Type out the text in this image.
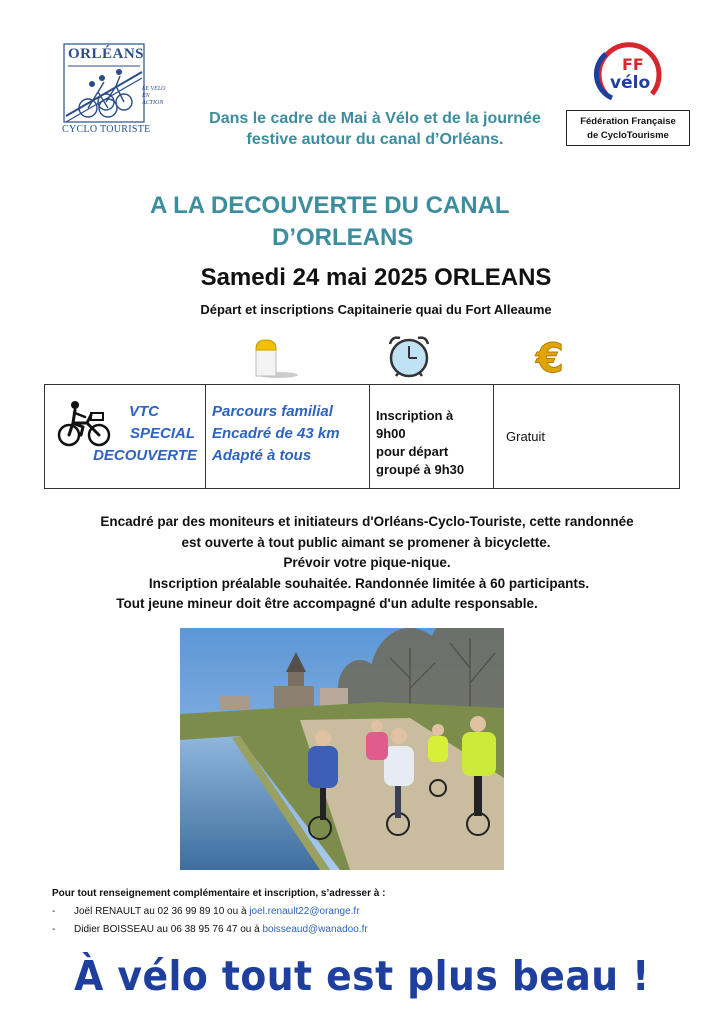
ORLÉANS
LE VELO EN ACTION
CYCLO TOURISTE
FF
vélo
Fédération Française
de CycloTourisme
Dans le cadre de Mai à Vélo et de la journée
festive autour du canal d’Orléans.
A LA DECOUVERTE DU CANAL
D’ORLEANS
Samedi 24 mai 2025 ORLEANS
Départ et inscriptions Capitainerie quai du Fort Alleaume
€
VTC
SPECIAL
DECOUVERTE
Parcours familial
Encadré de 43 km
Adapté à tous
Inscription à
9h00
pour départ
groupé à 9h30
Gratuit
Encadré par des moniteurs et initiateurs d'Orléans-Cyclo-Touriste, cette randonnée
est ouverte à tout public aimant se promener à bicyclette.
Prévoir votre pique-nique.
Inscription préalable souhaitée. Randonnée limitée à 60 participants.
Tout jeune mineur doit être accompagné d'un adulte responsable.
Pour tout renseignement complémentaire et inscription, s’adresser à :
- Joël RENAULT au 02 36 99 89 10 ou à joel.renault22@orange.fr
- Didier BOISSEAU au 06 38 95 76 47 ou à boisseaud@wanadoo.fr
À vélo tout est plus beau !
